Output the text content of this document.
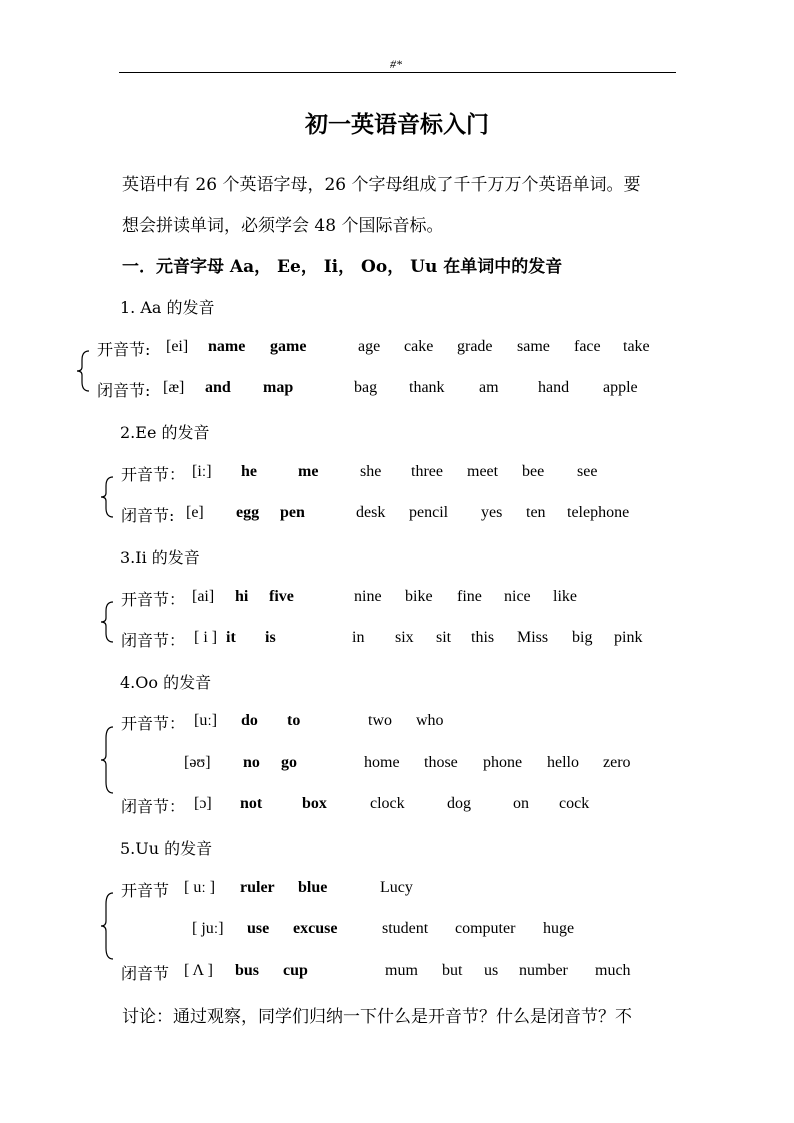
#*
初一英语音标入门
英语中有 26 个英语字母，26 个字母组成了千千万万个英语单词。要
想会拼读单词，必须学会 48 个国际音标。
一．元音字母 Aa， Ee， Ii， Oo， Uu 在单词中的发音
1. Aa 的发音
开音节: [ei] name game	age cake grade same face take
闭音节: [æ] and map	bag thank am hand apple
2.Ee 的发音
开音节： [iː] he	me	she three meet bee see
闭音节: [e] egg pen	desk pencil yes ten telephone
3.Ii 的发音
开音节： [ai] hi five	nine bike fine nice like
闭音节： [ i ] it is	in six sit this Miss big pink
4.Oo 的发音
开音节： [uː] do to	two who
[əʊ] no go	home those phone hello zero
闭音节： [ɔ] not box	clock	dog	on cock
5.Uu 的发音
开音节 [ uː ] ruler blue	Lucy
[ juː] use excuse	student computer huge
闭音节 [ Λ ] bus cup	mum but us number much
讨论：通过观察，同学们归纳一下什么是开音节？什么是闭音节？不
